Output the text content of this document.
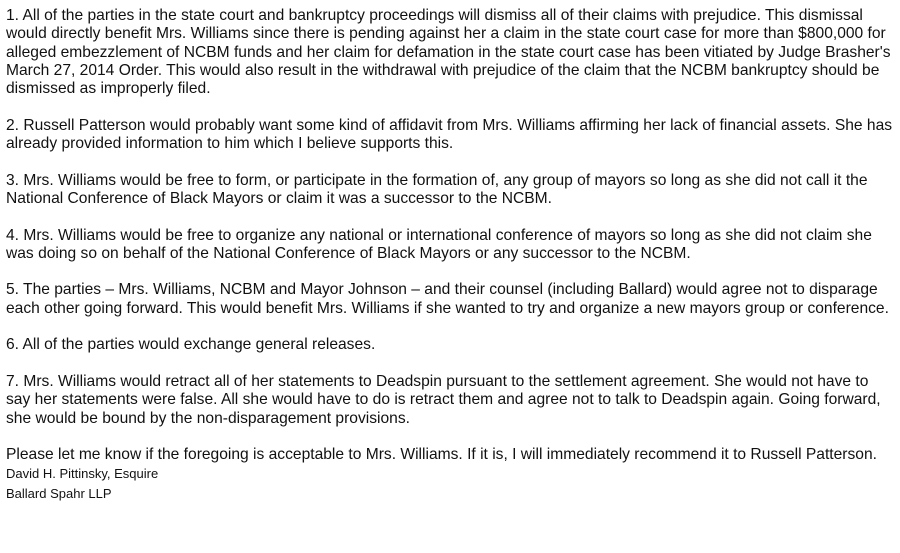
1. All of the parties in the state court and bankruptcy proceedings will dismiss all of their claims with prejudice. This dismissal would directly benefit Mrs. Williams since there is pending against her a claim in the state court case for more than $800,000 for alleged embezzlement of NCBM funds and her claim for defamation in the state court case has been vitiated by Judge Brasher's March 27, 2014 Order. This would also result in the withdrawal with prejudice of the claim that the NCBM bankruptcy should be dismissed as improperly filed.

2. Russell Patterson would probably want some kind of affidavit from Mrs. Williams affirming her lack of financial assets. She has already provided information to him which I believe supports this.

3. Mrs. Williams would be free to form, or participate in the formation of, any group of mayors so long as she did not call it the National Conference of Black Mayors or claim it was a successor to the NCBM.

4. Mrs. Williams would be free to organize any national or international conference of mayors so long as she did not claim she was doing so on behalf of the National Conference of Black Mayors or any successor to the NCBM.

5. The parties – Mrs. Williams, NCBM and Mayor Johnson – and their counsel (including Ballard) would agree not to disparage each other going forward. This would benefit Mrs. Williams if she wanted to try and organize a new mayors group or conference.

6. All of the parties would exchange general releases.

7. Mrs. Williams would retract all of her statements to Deadspin pursuant to the settlement agreement. She would not have to say her statements were false. All she would have to do is retract them and agree not to talk to Deadspin again. Going forward, she would be bound by the non-disparagement provisions.

Please let me know if the foregoing is acceptable to Mrs. Williams. If it is, I will immediately recommend it to Russell Patterson.

David H. Pittinsky, Esquire

Ballard Spahr LLP
